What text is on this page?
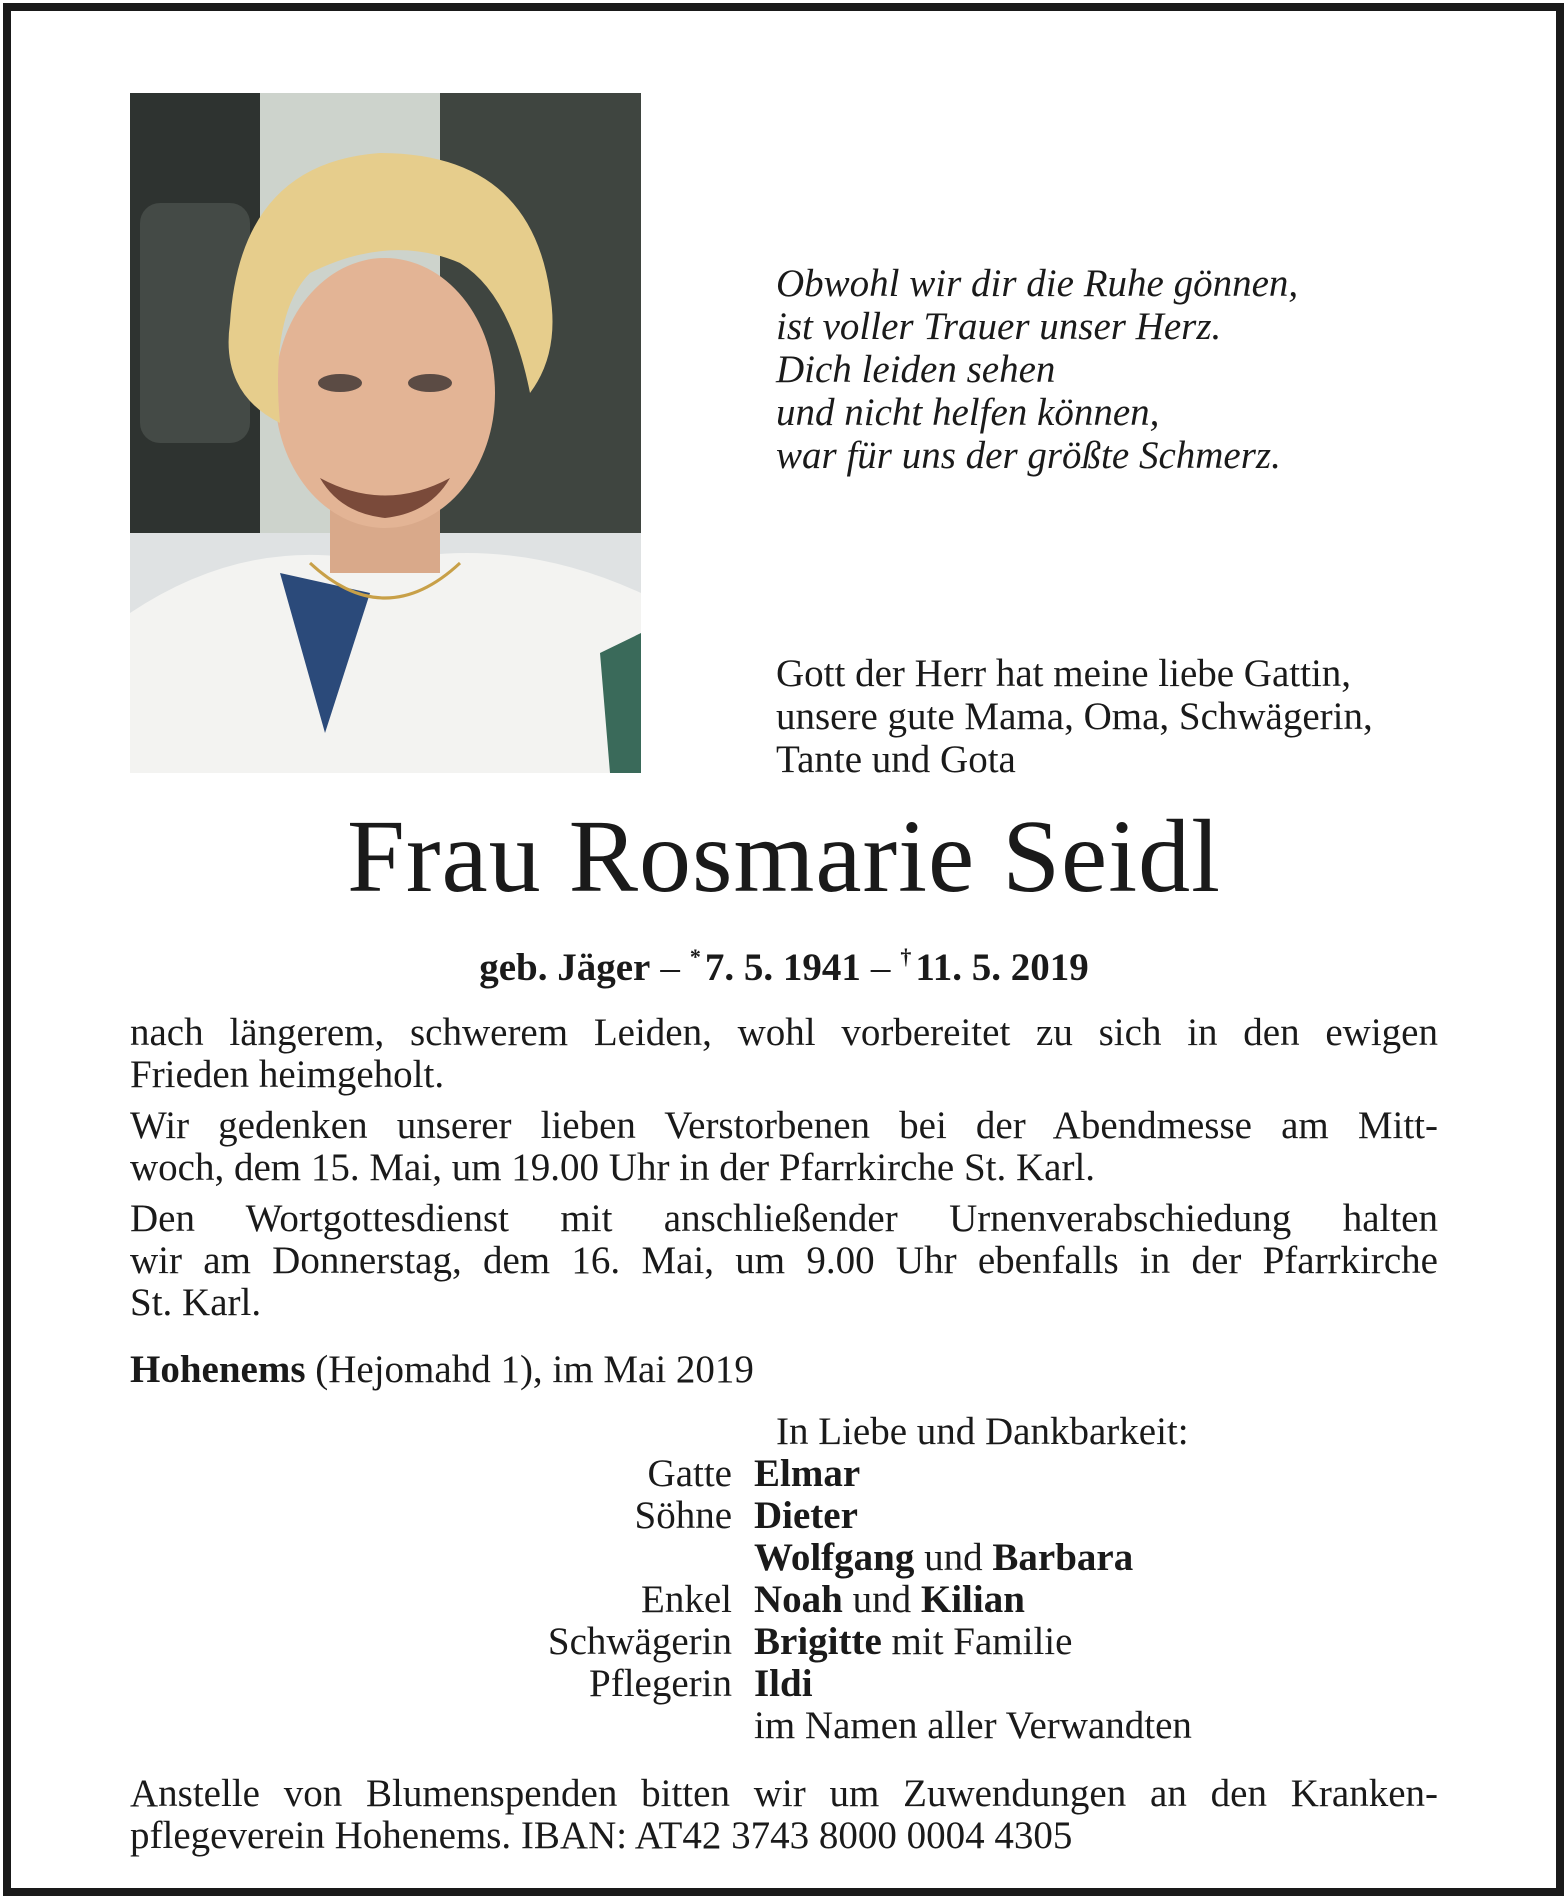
Obwohl wir dir die Ruhe gönnen,
ist voller Trauer unser Herz.
Dich leiden sehen
und nicht helfen können,
war für uns der größte Schmerz.
Gott der Herr hat meine liebe Gattin,
unsere gute Mama, Oma, Schwägerin,
Tante und Gota
Frau Rosmarie Seidl
geb. Jäger – * 7. 5. 1941 – † 11. 5. 2019
nach längerem, schwerem Leiden, wohl vorbereitet zu sich in den ewigen
Frieden heimgeholt.
Wir gedenken unserer lieben Verstorbenen bei der Abendmesse am Mitt-
woch, dem 15. Mai, um 19.00 Uhr in der Pfarrkirche St. Karl.
Den Wortgottesdienst mit anschließender Urnenverabschiedung halten
wir am Donnerstag, dem 16. Mai, um 9.00 Uhr ebenfalls in der Pfarrkirche
St. Karl.
Hohenems (Hejomahd 1), im Mai 2019
In Liebe und Dankbarkeit:
Gatte Elmar
Söhne Dieter
Wolfgang und Barbara
Enkel Noah und Kilian
Schwägerin Brigitte mit Familie
Pflegerin Ildi
im Namen aller Verwandten
Anstelle von Blumenspenden bitten wir um Zuwendungen an den Kranken-
pflegeverein Hohenems. IBAN: AT42 3743 8000 0004 4305
